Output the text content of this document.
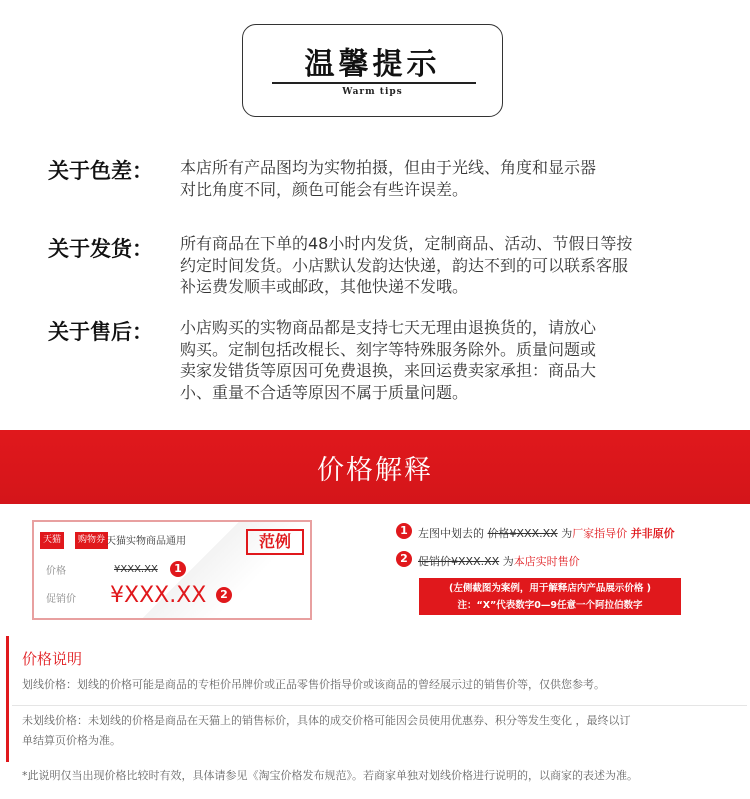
温馨提示
Warm tips
关于色差： 本店所有产品图均为实物拍摄，但由于光线、角度和显示器
对比角度不同，颜色可能会有些许误差。
关于发货： 所有商品在下单的48小时内发货，定制商品、活动、节假日等按
约定时间发货。小店默认发韵达快递，韵达不到的可以联系客服
补运费发顺丰或邮政，其他快递不发哦。
关于售后： 小店购买的实物商品都是支持七天无理由退换货的，请放心
购买。定制包括改棍长、刻字等特殊服务除外。质量问题或
卖家发错货等原因可免费退换，来回运费卖家承担：商品大
小、重量不合适等原因不属于质量问题。
价格解释
天猫	购物券 天猫实物商品通用	范例
价格	¥XXX.XX	1
促销价 ¥XXX.XX	2
1 左图中划去的 价格¥XXX.XX 为厂家指导价 并非原价
2 促销价¥XXX.XX 为本店实时售价
(左侧截图为案例，用于解释店内产品展示价格 )
注：“X”代表数字0—9任意一个阿拉伯数字
价格说明
划线价格：划线的价格可能是商品的专柜价吊牌价或正品零售价指导价或该商品的曾经展示过的销售价等，仅供您参考。
未划线价格：未划线的价格是商品在天猫上的销售标价，具体的成交价格可能因会员使用优惠券、积分等发生变化 ，最终以订
单结算页价格为准。
*此说明仅当出现价格比较时有效，具体请参见《淘宝价格发布规范》。若商家单独对划线价格进行说明的，以商家的表述为准。
